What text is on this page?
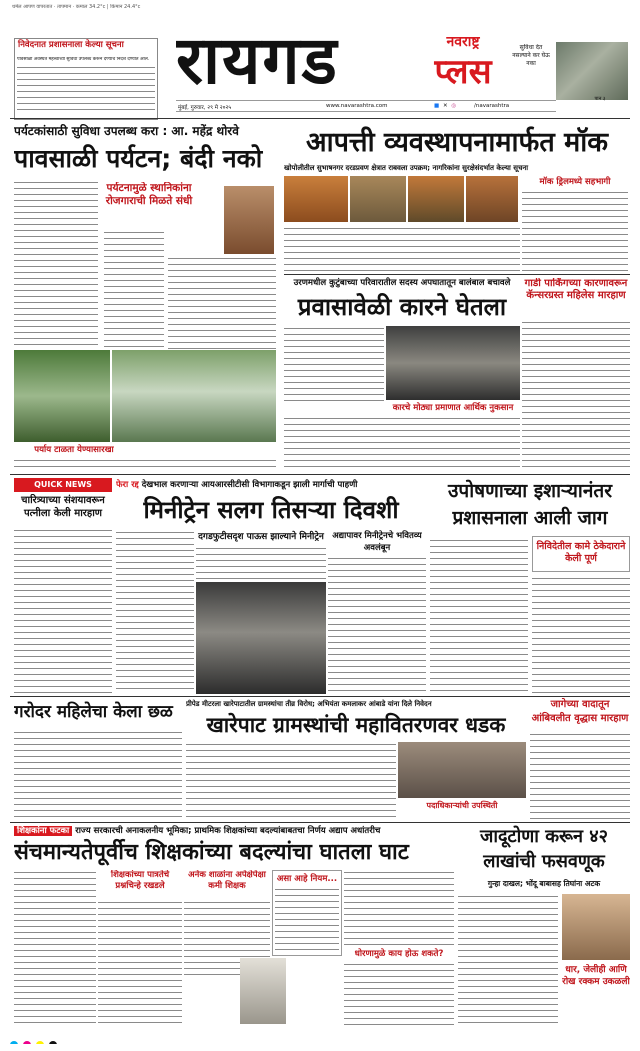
थर्मल आपण वापरतात · तापमान · कमाल 34.2°c | किमान 24.4°c
निवेदनात प्रशासनाला केल्या सूचना
पावसाळी अवस्थेत महत्त्वाच्या सुविधा उपलब्ध करून देण्याचे निर्देश देण्यात आले. रायगड	नवराष्ट्र
प्लस
सुविधा देत नसल्याने कर घेऊ नका
पान ३
मुंबई, गुरुवार, २९ मे २०२५	www.navarashtra.com	■ ✕ ◎	/navarashtra
पर्यटकांसाठी सुविधा उपलब्ध करा : आ. महेंद्र थोरवे
पावसाळी पर्यटन; बंदी नको
पर्यटनामुळे स्थानिकांना रोजगाराची मिळते संधी
पर्याय टाळता येण्यासारखा
आपत्ती व्यवस्थापनामार्फत मॉक
खोपोलीतील सुभाषनगर दरडप्रवण क्षेत्रात राबवला उपक्रम; नागरिकांना सुरक्षेसंदर्भात केल्या सूचना
मॉक ड्रिलमध्ये सहभागी
उरणमधील कुटुंबाच्या परिवारातील सदस्य अपघातातून बालंबाल बचावले
प्रवासावेळी कारने घेतला
कारचे मोठ्या प्रमाणात आर्थिक नुकसान
गाडी पार्किंगच्या कारणावरून कॅन्सरग्रस्त महिलेस मारहाण
QUICK NEWS
चारित्र्याच्या संशयावरून पत्नीला केली मारहाण
फेरा रद्द देखभाल करणाऱ्या आयआरसीटीसी विभागाकडून झाली मार्गाची पाहणी
मिनीट्रेन सलग तिसऱ्या दिवशी
दगडफुटीसदृश पाऊस झाल्याने मिनीट्रेन अद्यापावर मिनीट्रेनचे भवितव्य अवलंबून
उपोषणाच्या इशाऱ्यानंतर प्रशासनाला आली जाग
निविदेतील कामे ठेकेदाराने केली पूर्ण
गरोदर महिलेचा केला छळ	प्रीपेड मीटरला खारेपाटातील ग्रामस्थांचा तीव्र विरोध; अभियंता कमलाकर आंबाडे यांना दिले निवेदन
खारेपाट ग्रामस्थांची महावितरणवर धडक
पदाधिकाऱ्यांची उपस्थिती
जागेच्या वादातून आंबिवलीत वृद्धास मारहाण
शिक्षकांना फटका राज्य सरकारची अनाकलनीय भूमिका; प्राथमिक शिक्षकांच्या बदल्यांबाबतचा निर्णय अद्याप अधांतरीच
संचमान्यतेपूर्वीच शिक्षकांच्या बदल्यांचा घातला घाट
शिक्षकांच्या पात्रतेचे प्रश्नचिन्हे रखडले
अनेक शाळांना अपेक्षेपेक्षा कमी शिक्षक
असा आहे नियम...
धोरणामुळे काय होऊ शकते?
जादूटोणा करून ४२ लाखांची फसवणूक
गुन्हा दाखल; भोंदू बाबासह तिघांना अटक
धार, जेलीही आणि रोख रक्कम उकळली
